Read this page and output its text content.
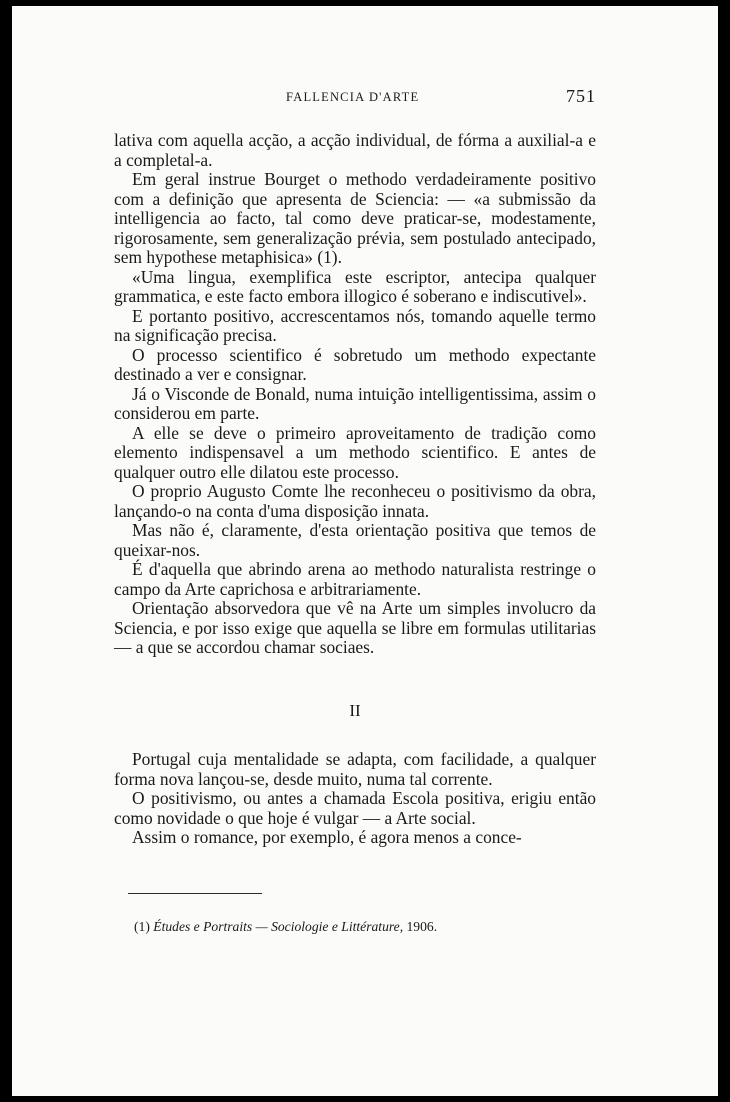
FALLENCIA D'ARTE	751

lativa com aquella acção, a acção individual, de fórma a auxilial-a e a completal-a.

Em geral instrue Bourget o methodo verdadeiramente positivo com a definição que apresenta de Sciencia: — «a submissão da intelligencia ao facto, tal como deve praticar-se, modestamente, rigorosamente, sem generalização prévia, sem postulado antecipado, sem hypothese metaphisica» (1).

«Uma lingua, exemplifica este escriptor, antecipa qualquer grammatica, e este facto embora illogico é soberano e indiscutivel».

E portanto positivo, accrescentamos nós, tomando aquelle termo na significação precisa.

O processo scientifico é sobretudo um methodo expectante destinado a ver e consignar.

Já o Visconde de Bonald, numa intuição intelligentissima, assim o considerou em parte.

A elle se deve o primeiro aproveitamento de tradição como elemento indispensavel a um methodo scientifico. E antes de qualquer outro elle dilatou este processo.

O proprio Augusto Comte lhe reconheceu o positivismo da obra, lançando-o na conta d'uma disposição innata.

Mas não é, claramente, d'esta orientação positiva que temos de queixar-nos.

É d'aquella que abrindo arena ao methodo naturalista restringe o campo da Arte caprichosa e arbitrariamente.

Orientação absorvedora que vê na Arte um simples involucro da Sciencia, e por isso exige que aquella se libre em formulas utilitarias — a que se accordou chamar sociaes.

II

Portugal cuja mentalidade se adapta, com facilidade, a qualquer forma nova lançou-se, desde muito, numa tal corrente.

O positivismo, ou antes a chamada Escola positiva, erigiu então como novidade o que hoje é vulgar — a Arte social.

Assim o romance, por exemplo, é agora menos a conce-

(1) Études e Portraits — Sociologie e Littérature, 1906.
